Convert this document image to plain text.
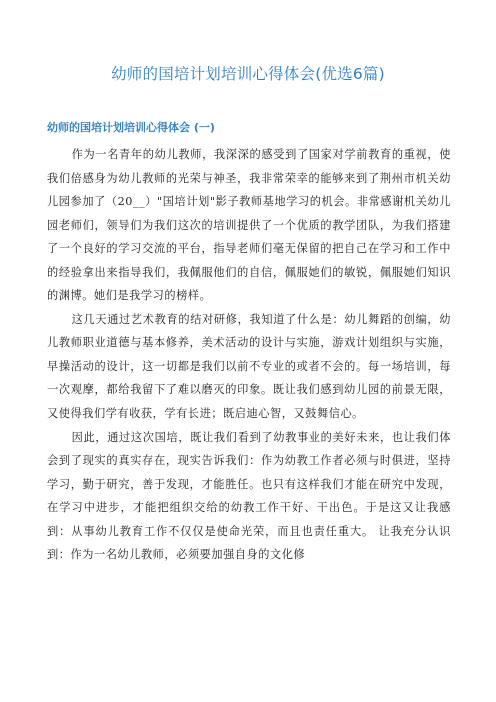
幼师的国培计划培训心得体会(优选6篇)
幼师的国培计划培训心得体会 (一)

作为一名青年的幼儿教师，我深深的感受到了国家对学前教育的重视，使我们倍感身为幼儿教师的光荣与神圣，我非常荣幸的能够来到了荆州市机关幼儿园参加了（20__）"国培计划"影子教师基地学习的机会。非常感谢机关幼儿园老师们，领导们为我们这次的培训提供了一个优质的教学团队，为我们搭建了一个良好的学习交流的平台，指导老师们毫无保留的把自己在学习和工作中的经验拿出来指导我们，我佩服他们的自信，佩服她们的敏锐，佩服她们知识的渊博。她们是我学习的榜样。

这几天通过艺术教育的结对研修，我知道了什么是：幼儿舞蹈的创编，幼儿教师职业道德与基本修养，美术活动的设计与实施，游戏计划组织与实施，早操活动的设计，这一切都是我们以前不专业的或者不会的。每一场培训，每一次观摩，都给我留下了难以磨灭的印象。既让我们感到幼儿园的前景无限，又使得我们学有收获，学有长进；既启迪心智，又鼓舞信心。

因此，通过这次国培，既让我们看到了幼教事业的美好未来，也让我们体会到了现实的真实存在，现实告诉我们：作为幼教工作者必须与时俱进，坚持学习，勤于研究，善于发现，才能胜任。也只有这样我们才能在研究中发现，在学习中进步，才能把组织交给的幼教工作干好、干出色。于是这又让我感到：从事幼儿教育工作不仅仅是使命光荣，而且也责任重大。 让我充分认识到：作为一名幼儿教师，必须要加强自身的文化修
